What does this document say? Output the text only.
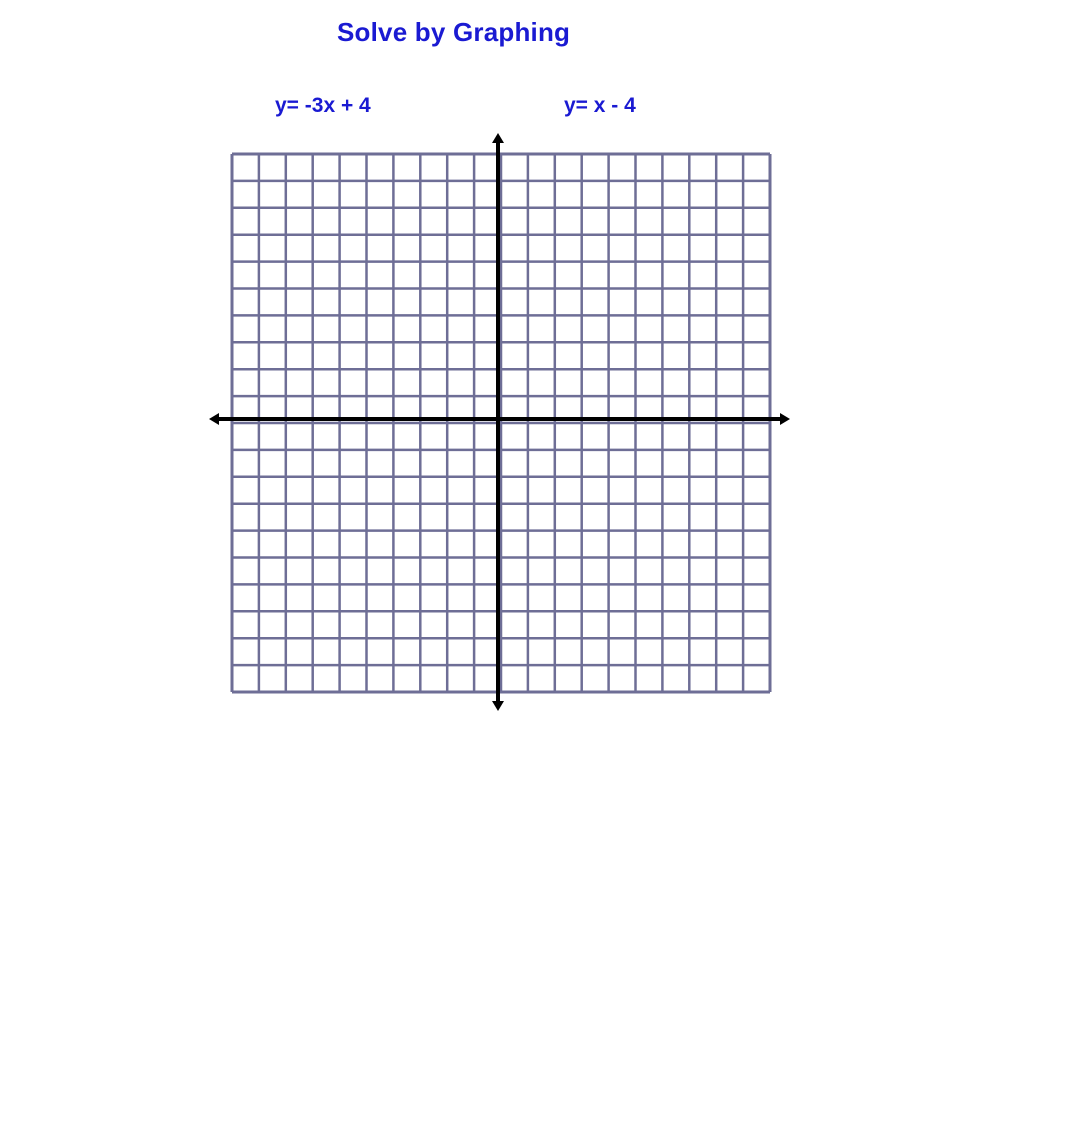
Solve by Graphing
y= -3x + 4	y= x - 4
